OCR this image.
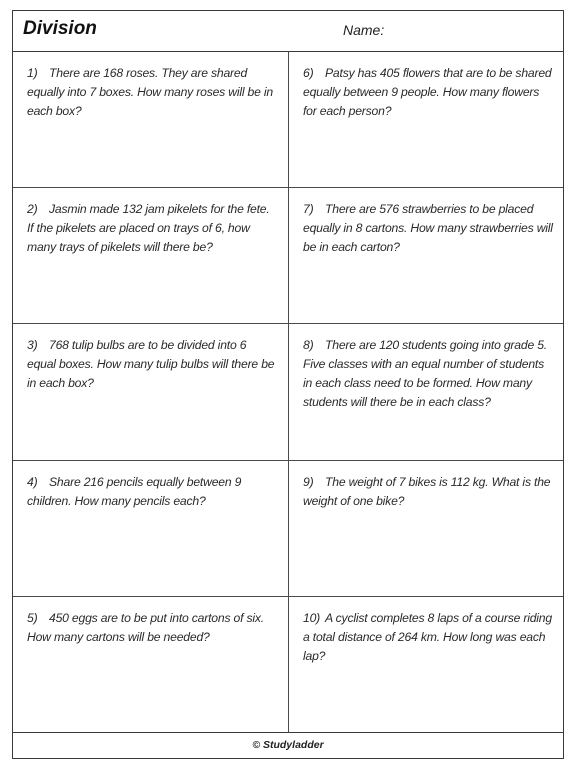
Division	Name:
1) There are 168 roses. They are shared equally into 7 boxes. How many roses will be in each box?
6) Patsy has 405 flowers that are to be shared equally between 9 people. How many flowers for each person?
2) Jasmin made 132 jam pikelets for the fete. If the pikelets are placed on trays of 6, how many trays of pikelets will there be?
7) There are 576 strawberries to be placed equally in 8 cartons. How many strawberries will be in each carton?
3) 768 tulip bulbs are to be divided into 6 equal boxes. How many tulip bulbs will there be in each box?
8) There are 120 students going into grade 5. Five classes with an equal number of students in each class need to be formed. How many students will there be in each class?
4) Share 216 pencils equally between 9 children. How many pencils each?
9) The weight of 7 bikes is 112 kg. What is the weight of one bike?
5) 450 eggs are to be put into cartons of six. How many cartons will be needed?
10) A cyclist completes 8 laps of a course riding a total distance of 264 km. How long was each lap?
© Studyladder
